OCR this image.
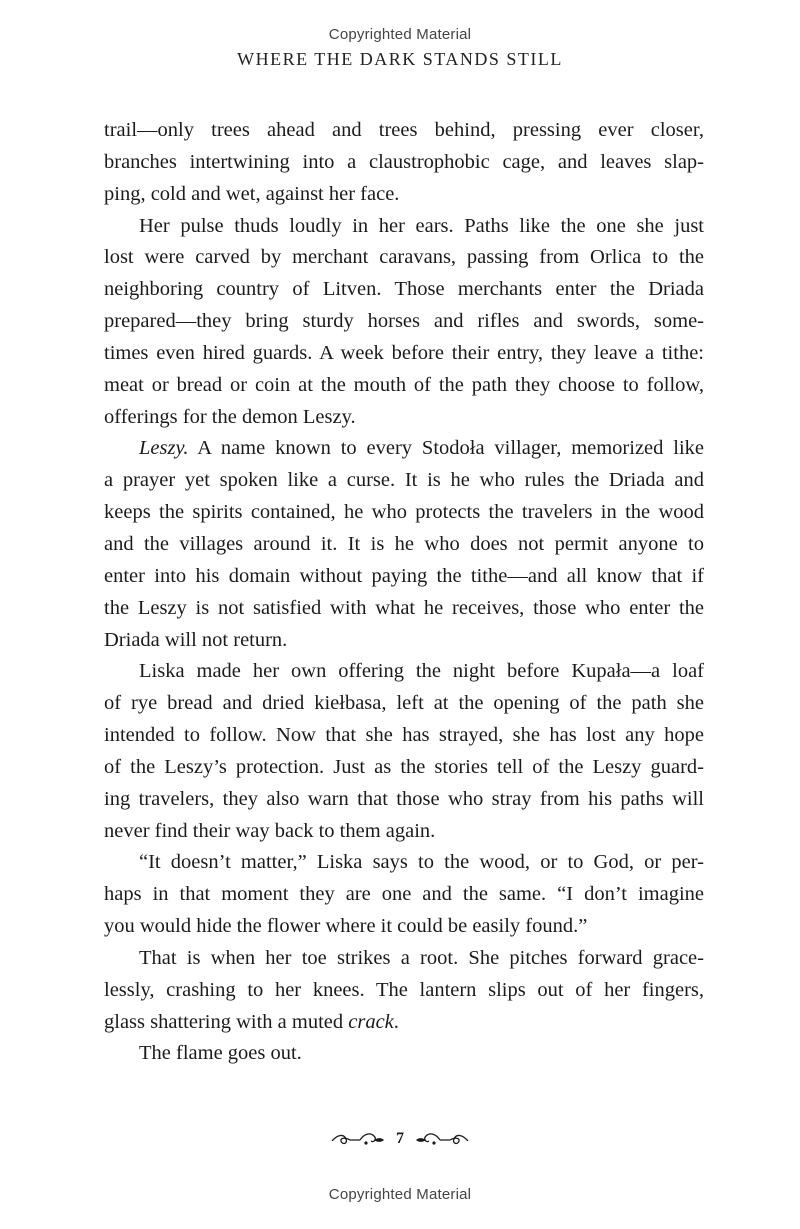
Copyrighted Material
WHERE THE DARK STANDS STILL

trail—only trees ahead and trees behind, pressing ever closer,

branches intertwining into a claustrophobic cage, and leaves slap-

ping, cold and wet, against her face.

Her pulse thuds loudly in her ears. Paths like the one she just

lost were carved by merchant caravans, passing from Orlica to the

neighboring country of Litven. Those merchants enter the Driada

prepared—they bring sturdy horses and rifles and swords, some-

times even hired guards. A week before their entry, they leave a tithe:

meat or bread or coin at the mouth of the path they choose to follow,

offerings for the demon Leszy.

Leszy. A name known to every Stodoła villager, memorized like

a prayer yet spoken like a curse. It is he who rules the Driada and

keeps the spirits contained, he who protects the travelers in the wood

and the villages around it. It is he who does not permit anyone to

enter into his domain without paying the tithe—and all know that if

the Leszy is not satisfied with what he receives, those who enter the

Driada will not return.

Liska made her own offering the night before Kupała—a loaf

of rye bread and dried kiełbasa, left at the opening of the path she

intended to follow. Now that she has strayed, she has lost any hope

of the Leszy’s protection. Just as the stories tell of the Leszy guard-

ing travelers, they also warn that those who stray from his paths will

never find their way back to them again.

“It doesn’t matter,” Liska says to the wood, or to God, or per-

haps in that moment they are one and the same. “I don’t imagine

you would hide the flower where it could be easily found.”

That is when her toe strikes a root. She pitches forward grace-

lessly, crashing to her knees. The lantern slips out of her fingers,

glass shattering with a muted crack.

The flame goes out.

7
Copyrighted Material
